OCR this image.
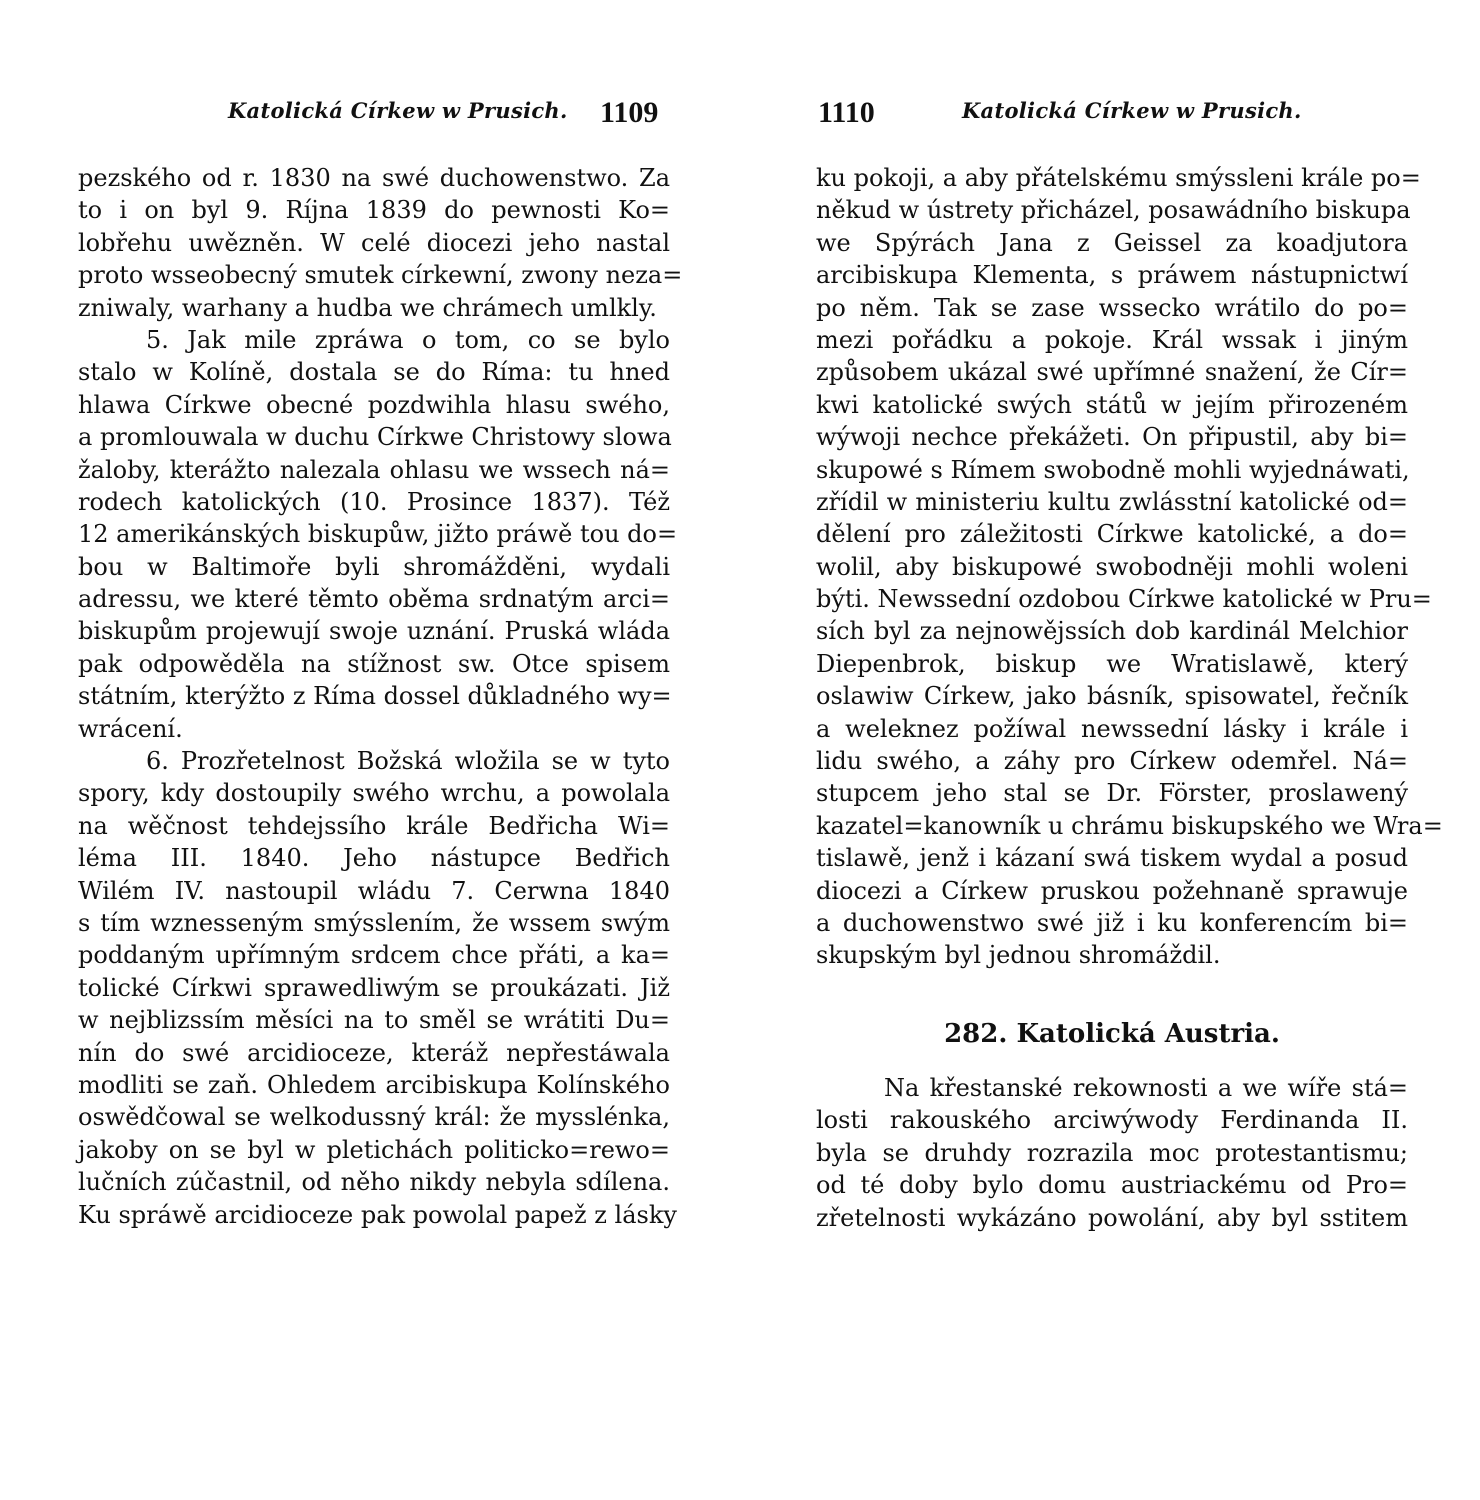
Katolická Církew w Prusich. 1109
pezského od r. 1830 na swé duchowenstwo. Za
to i on byl 9. Ríjna 1839 do pewnosti Ko=
lobřehu uwězněn. W celé diocezi jeho nastal
proto wsseobecný smutek církewní, zwony neza=
zniwaly, warhany a hudba we chrámech umlkly.
5. Jak mile zpráwa o tom, co se bylo
stalo w Kolíně, dostala se do Ríma: tu hned
hlawa Církwe obecné pozdwihla hlasu swého,
a promlouwala w duchu Církwe Christowy slowa
žaloby, kterážto nalezala ohlasu we wssech ná=
rodech katolických (10. Prosince 1837). Též
12 amerikánských biskupůw, jižto práwě tou do=
bou w Baltimoře byli shromážděni, wydali
adressu, we které těmto oběma srdnatým arci=
biskupům projewují swoje uznání. Pruská wláda
pak odpowěděla na stížnost sw. Otce spisem
státním, kterýžto z Ríma dossel důkladného wy=
wrácení.
6. Prozřetelnost Božská wložila se w tyto
spory, kdy dostoupily swého wrchu, a powolala
na wěčnost tehdejssího krále Bedřicha Wi=
léma III. 1840. Jeho nástupce Bedřich
Wilém IV. nastoupil wládu 7. Cerwna 1840
s tím wznesseným smýsslením, že wssem swým
poddaným upřímným srdcem chce přáti, a ka=
tolické Církwi sprawedliwým se proukázati. Již
w nejblizssím měsíci na to směl se wrátiti Du=
nín do swé arcidioceze, kteráž nepřestáwala
modliti se zaň. Ohledem arcibiskupa Kolínského
oswědčowal se welkodussný král: že mysslénka,
jakoby on se byl w pletichách politicko=rewo=
lučních zúčastnil, od něho nikdy nebyla sdílena.
Ku spráwě arcidioceze pak powolal papež z lásky
1110	Katolická Církew w Prusich.
ku pokoji, a aby přátelskému smýssleni krále po=
někud w ústrety přicházel, posawádního biskupa
we Spýrách Jana z Geissel za koadjutora
arcibiskupa Klementa, s práwem nástupnictwí
po něm. Tak se zase wssecko wrátilo do po=
mezi pořádku a pokoje. Král wssak i jiným
způsobem ukázal swé upřímné snažení, že Cír=
kwi katolické swých států w jejím přirozeném
wýwoji nechce překážeti. On připustil, aby bi=
skupowé s Rímem swobodně mohli wyjednáwati,
zřídil w ministeriu kultu zwlásstní katolické od=
dělení pro záležitosti Církwe katolické, a do=
wolil, aby biskupowé swobodněji mohli woleni
býti. Newssední ozdobou Církwe katolické w Pru=
sích byl za nejnowějssích dob kardinál Melchior
Diepenbrok, biskup we Wratislawě, který
oslawiw Církew, jako básník, spisowatel, řečník
a weleknez požíwal newssední lásky i krále i
lidu swého, a záhy pro Církew odemřel. Ná=
stupcem jeho stal se Dr. Förster, proslawený
kazatel=kanowník u chrámu biskupského we Wra=
tislawě, jenž i kázaní swá tiskem wydal a posud
diocezi a Církew pruskou požehnaně sprawuje
a duchowenstwo swé již i ku konferencím bi=
skupským byl jednou shromáždil.
282. Katolická Austria.
Na křestanské rekownosti a we wíře stá=
losti rakouského arciwýwody Ferdinanda II.
byla se druhdy rozrazila moc protestantismu;
od té doby bylo domu austriackému od Pro=
zřetelnosti wykázáno powolání, aby byl sstitem
